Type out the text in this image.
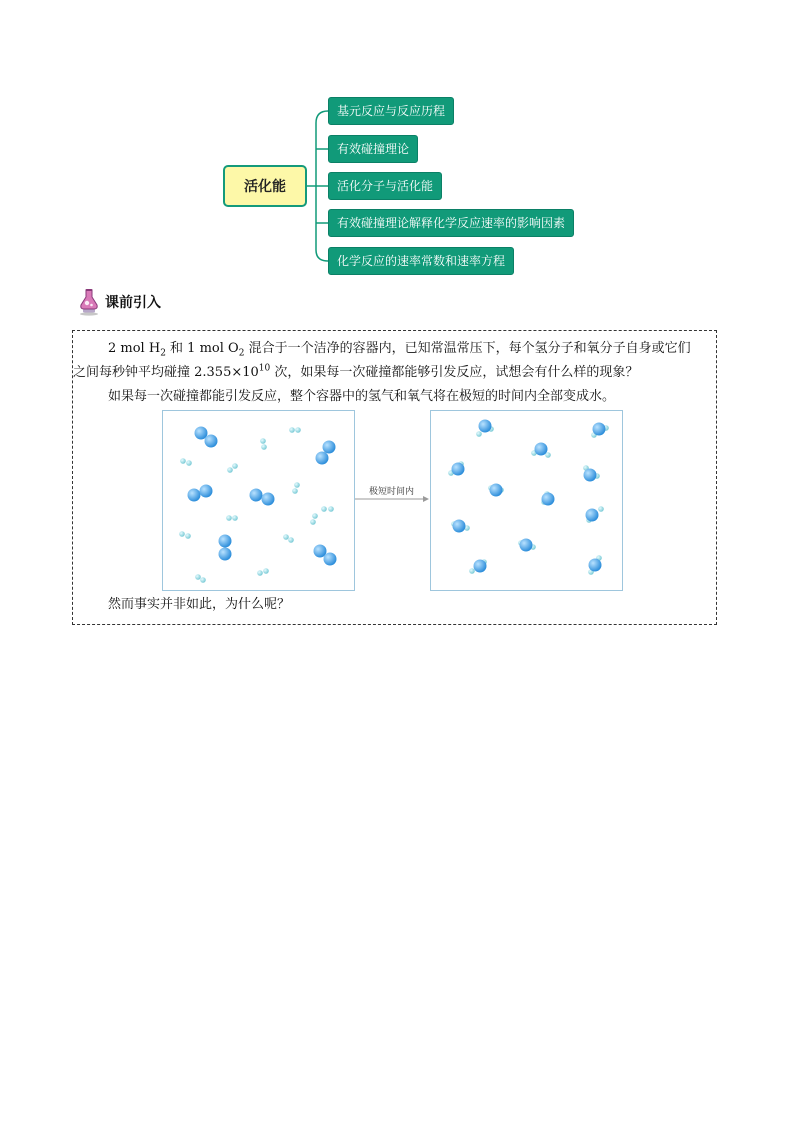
活化能
基元反应与反应历程
有效碰撞理论
活化分子与活化能
有效碰撞理论解释化学反应速率的影响因素
化学反应的速率常数和速率方程
课前引入
2 mol $H_2$ 和 1 mol $O_2$ 混合于一个洁净的容器内，已知常温常压下，每个氢分子和氧分子自身或它们
之间每秒钟平均碰撞 $2.355\times 10^{10}$ 次，如果每一次碰撞都能够引发反应，试想会有什么样的现象？
如果每一次碰撞都能引发反应，整个容器中的氢气和氧气将在极短的时间内全部变成水。
极短时间内
然而事实并非如此，为什么呢？
